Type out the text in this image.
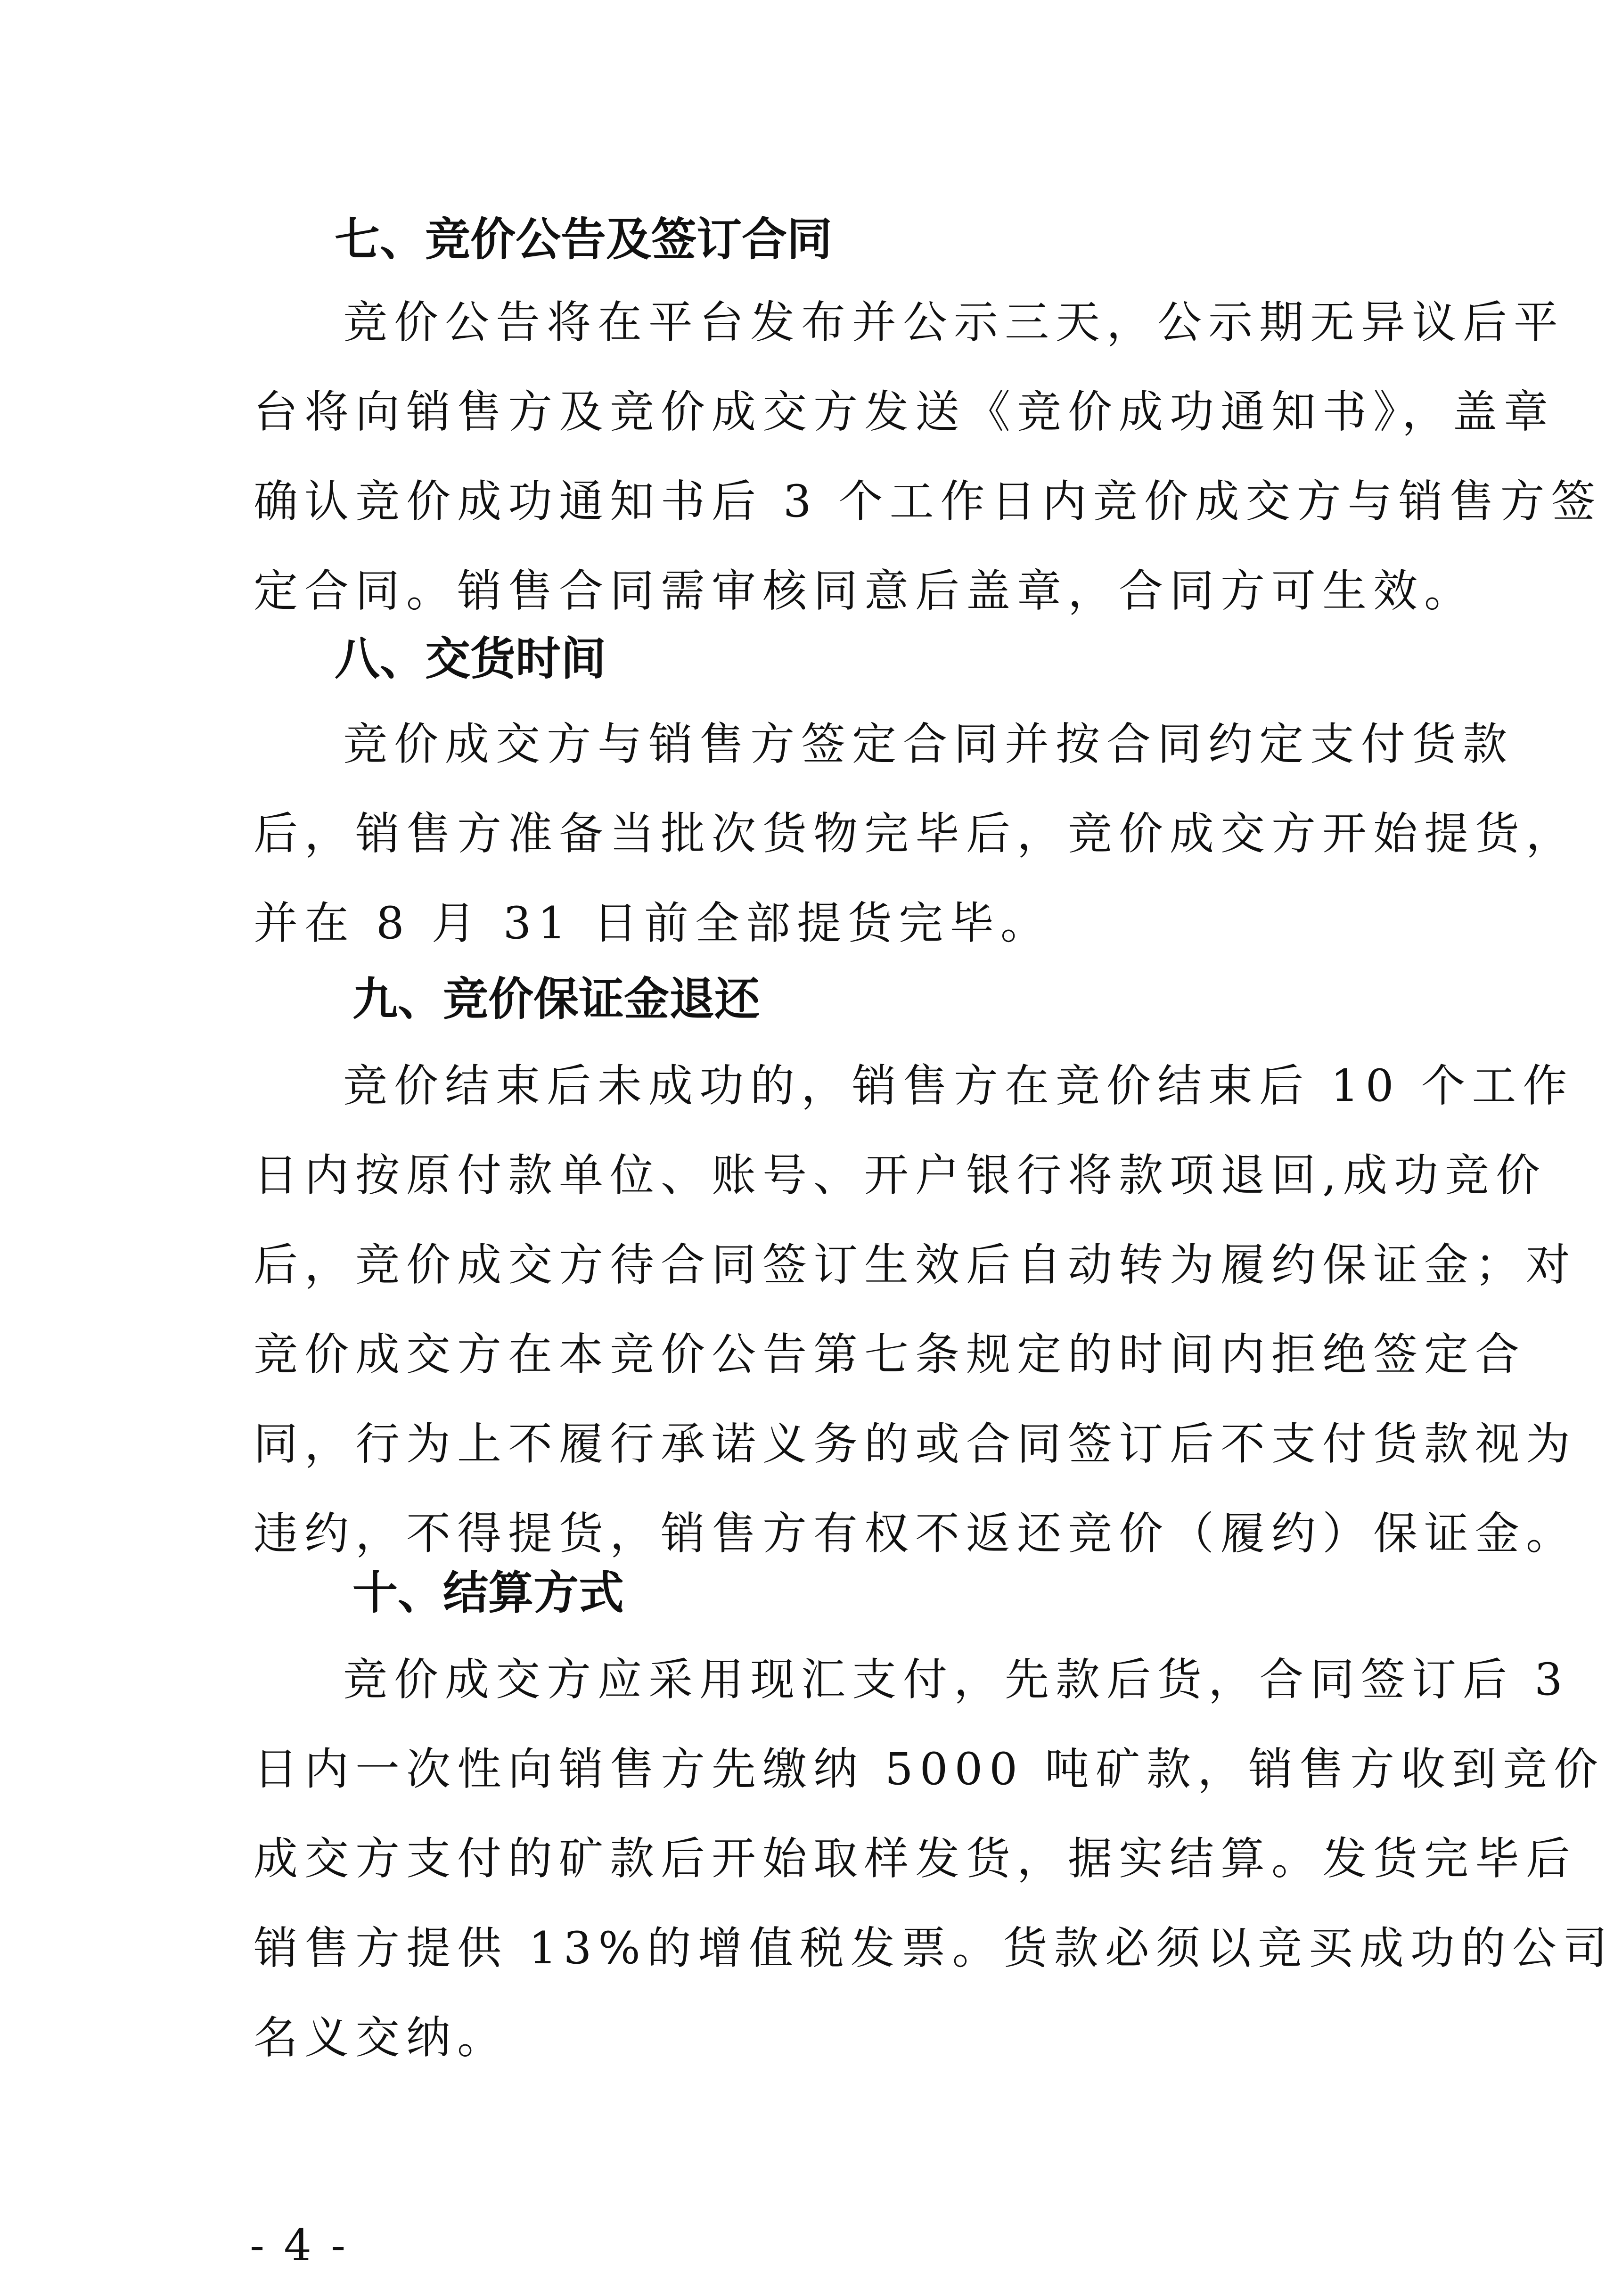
七、竞价公告及签订合同
竞价公告将在平台发布并公示三天，公示期无异议后平
台将向销售方及竞价成交方发送《竞价成功通知书》，盖章
确认竞价成功通知书后 3 个工作日内竞价成交方与销售方签
定合同。销售合同需审核同意后盖章，合同方可生效。
八、交货时间
竞价成交方与销售方签定合同并按合同约定支付货款
后，销售方准备当批次货物完毕后，竞价成交方开始提货，
并在 8 月 31 日前全部提货完毕。
九、竞价保证金退还
竞价结束后未成功的，销售方在竞价结束后 10 个工作
日内按原付款单位、账号、开户银行将款项退回,成功竞价
后，竞价成交方待合同签订生效后自动转为履约保证金；对
竞价成交方在本竞价公告第七条规定的时间内拒绝签定合
同，行为上不履行承诺义务的或合同签订后不支付货款视为
违约，不得提货，销售方有权不返还竞价（履约）保证金。
十、结算方式
竞价成交方应采用现汇支付，先款后货，合同签订后 3
日内一次性向销售方先缴纳 5000 吨矿款，销售方收到竞价
成交方支付的矿款后开始取样发货，据实结算。发货完毕后
销售方提供 13%的增值税发票。货款必须以竞买成功的公司
名义交纳。
- 4 -
